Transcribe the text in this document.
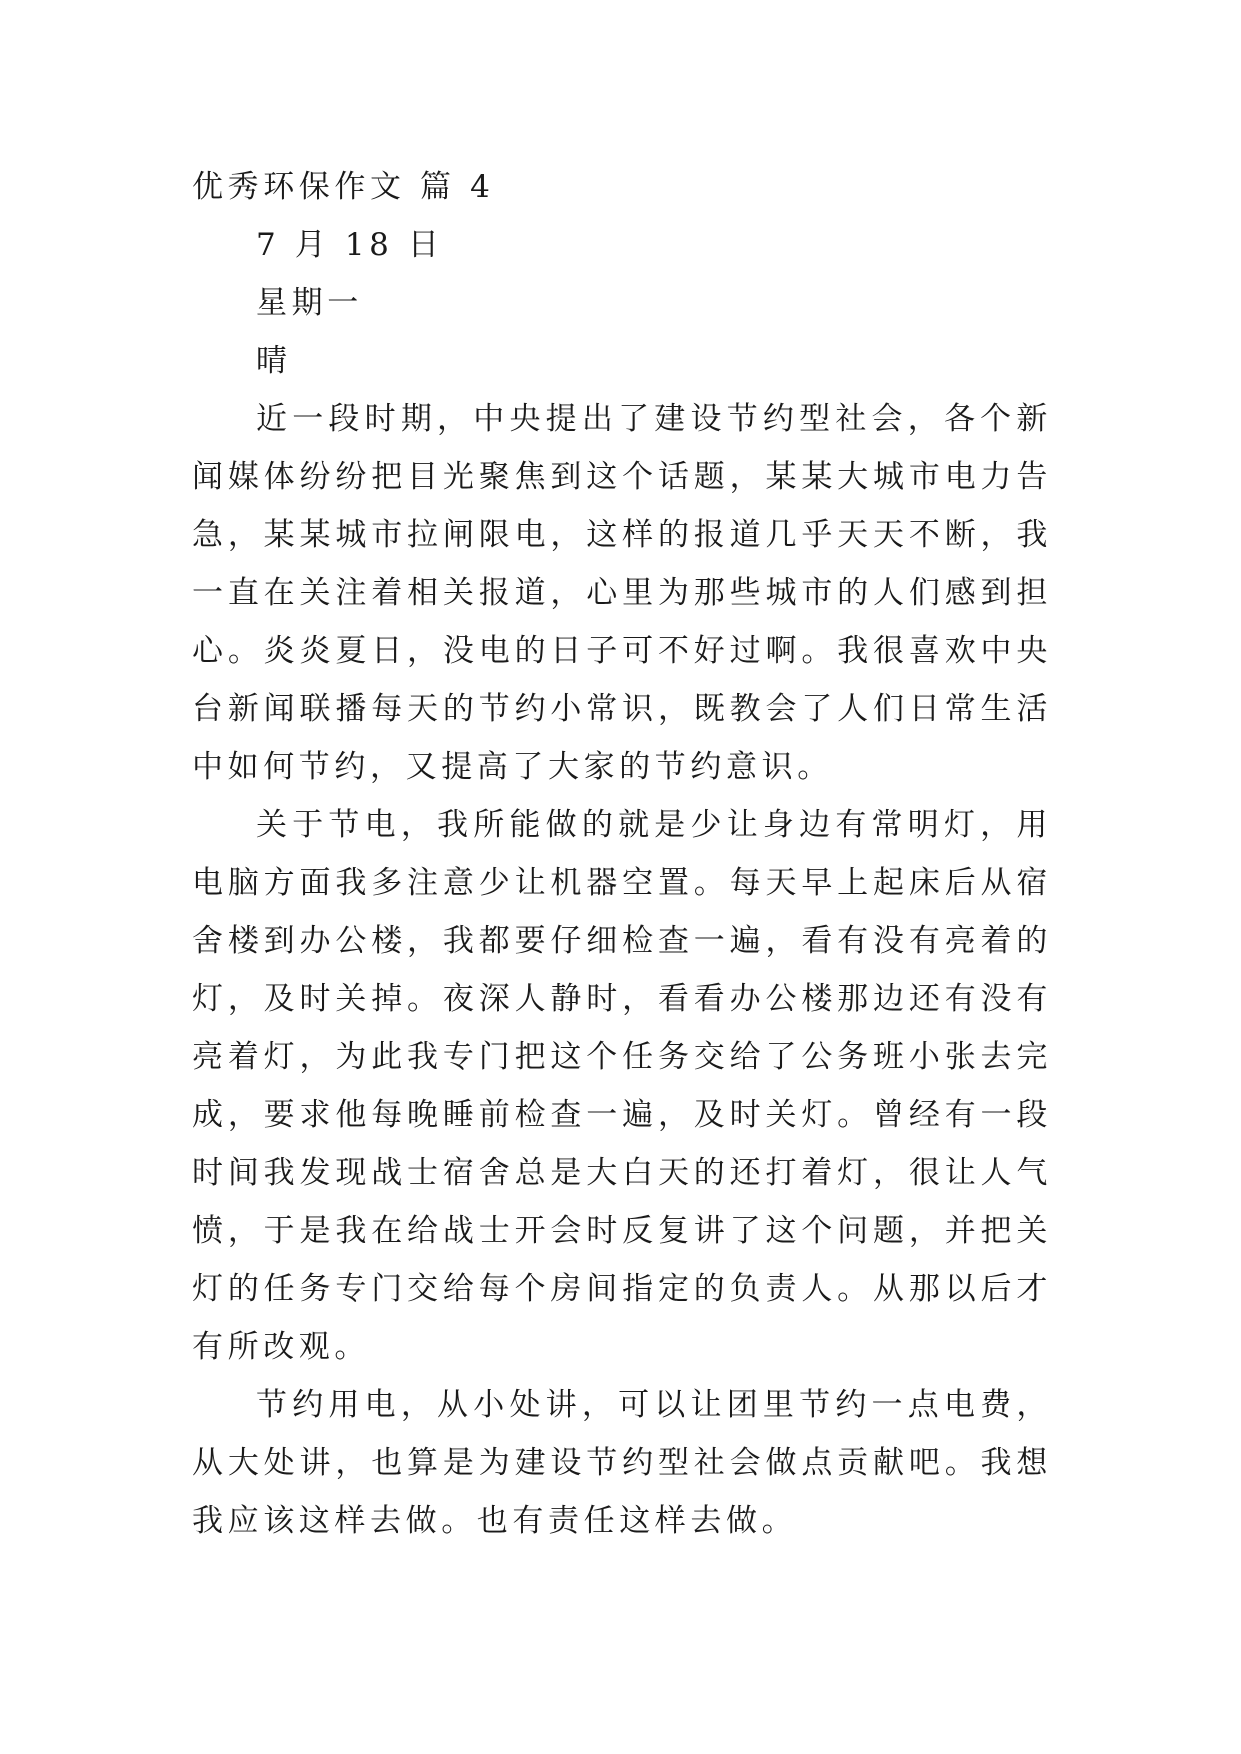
优秀环保作文 篇 4

7 月 18 日

星期一

晴

近一段时期，中央提出了建设节约型社会，各个新闻媒体纷纷把目光聚焦到这个话题，某某大城市电力告急，某某城市拉闸限电，这样的报道几乎天天不断，我一直在关注着相关报道，心里为那些城市的人们感到担心。炎炎夏日，没电的日子可不好过啊。我很喜欢中央台新闻联播每天的节约小常识，既教会了人们日常生活中如何节约，又提高了大家的节约意识。

关于节电，我所能做的就是少让身边有常明灯，用电脑方面我多注意少让机器空置。每天早上起床后从宿舍楼到办公楼，我都要仔细检查一遍，看有没有亮着的灯，及时关掉。夜深人静时，看看办公楼那边还有没有亮着灯，为此我专门把这个任务交给了公务班小张去完成，要求他每晚睡前检查一遍，及时关灯。曾经有一段时间我发现战士宿舍总是大白天的还打着灯，很让人气愤，于是我在给战士开会时反复讲了这个问题，并把关灯的任务专门交给每个房间指定的负责人。从那以后才有所改观。

节约用电，从小处讲，可以让团里节约一点电费，从大处讲，也算是为建设节约型社会做点贡献吧。我想我应该这样去做。也有责任这样去做。
